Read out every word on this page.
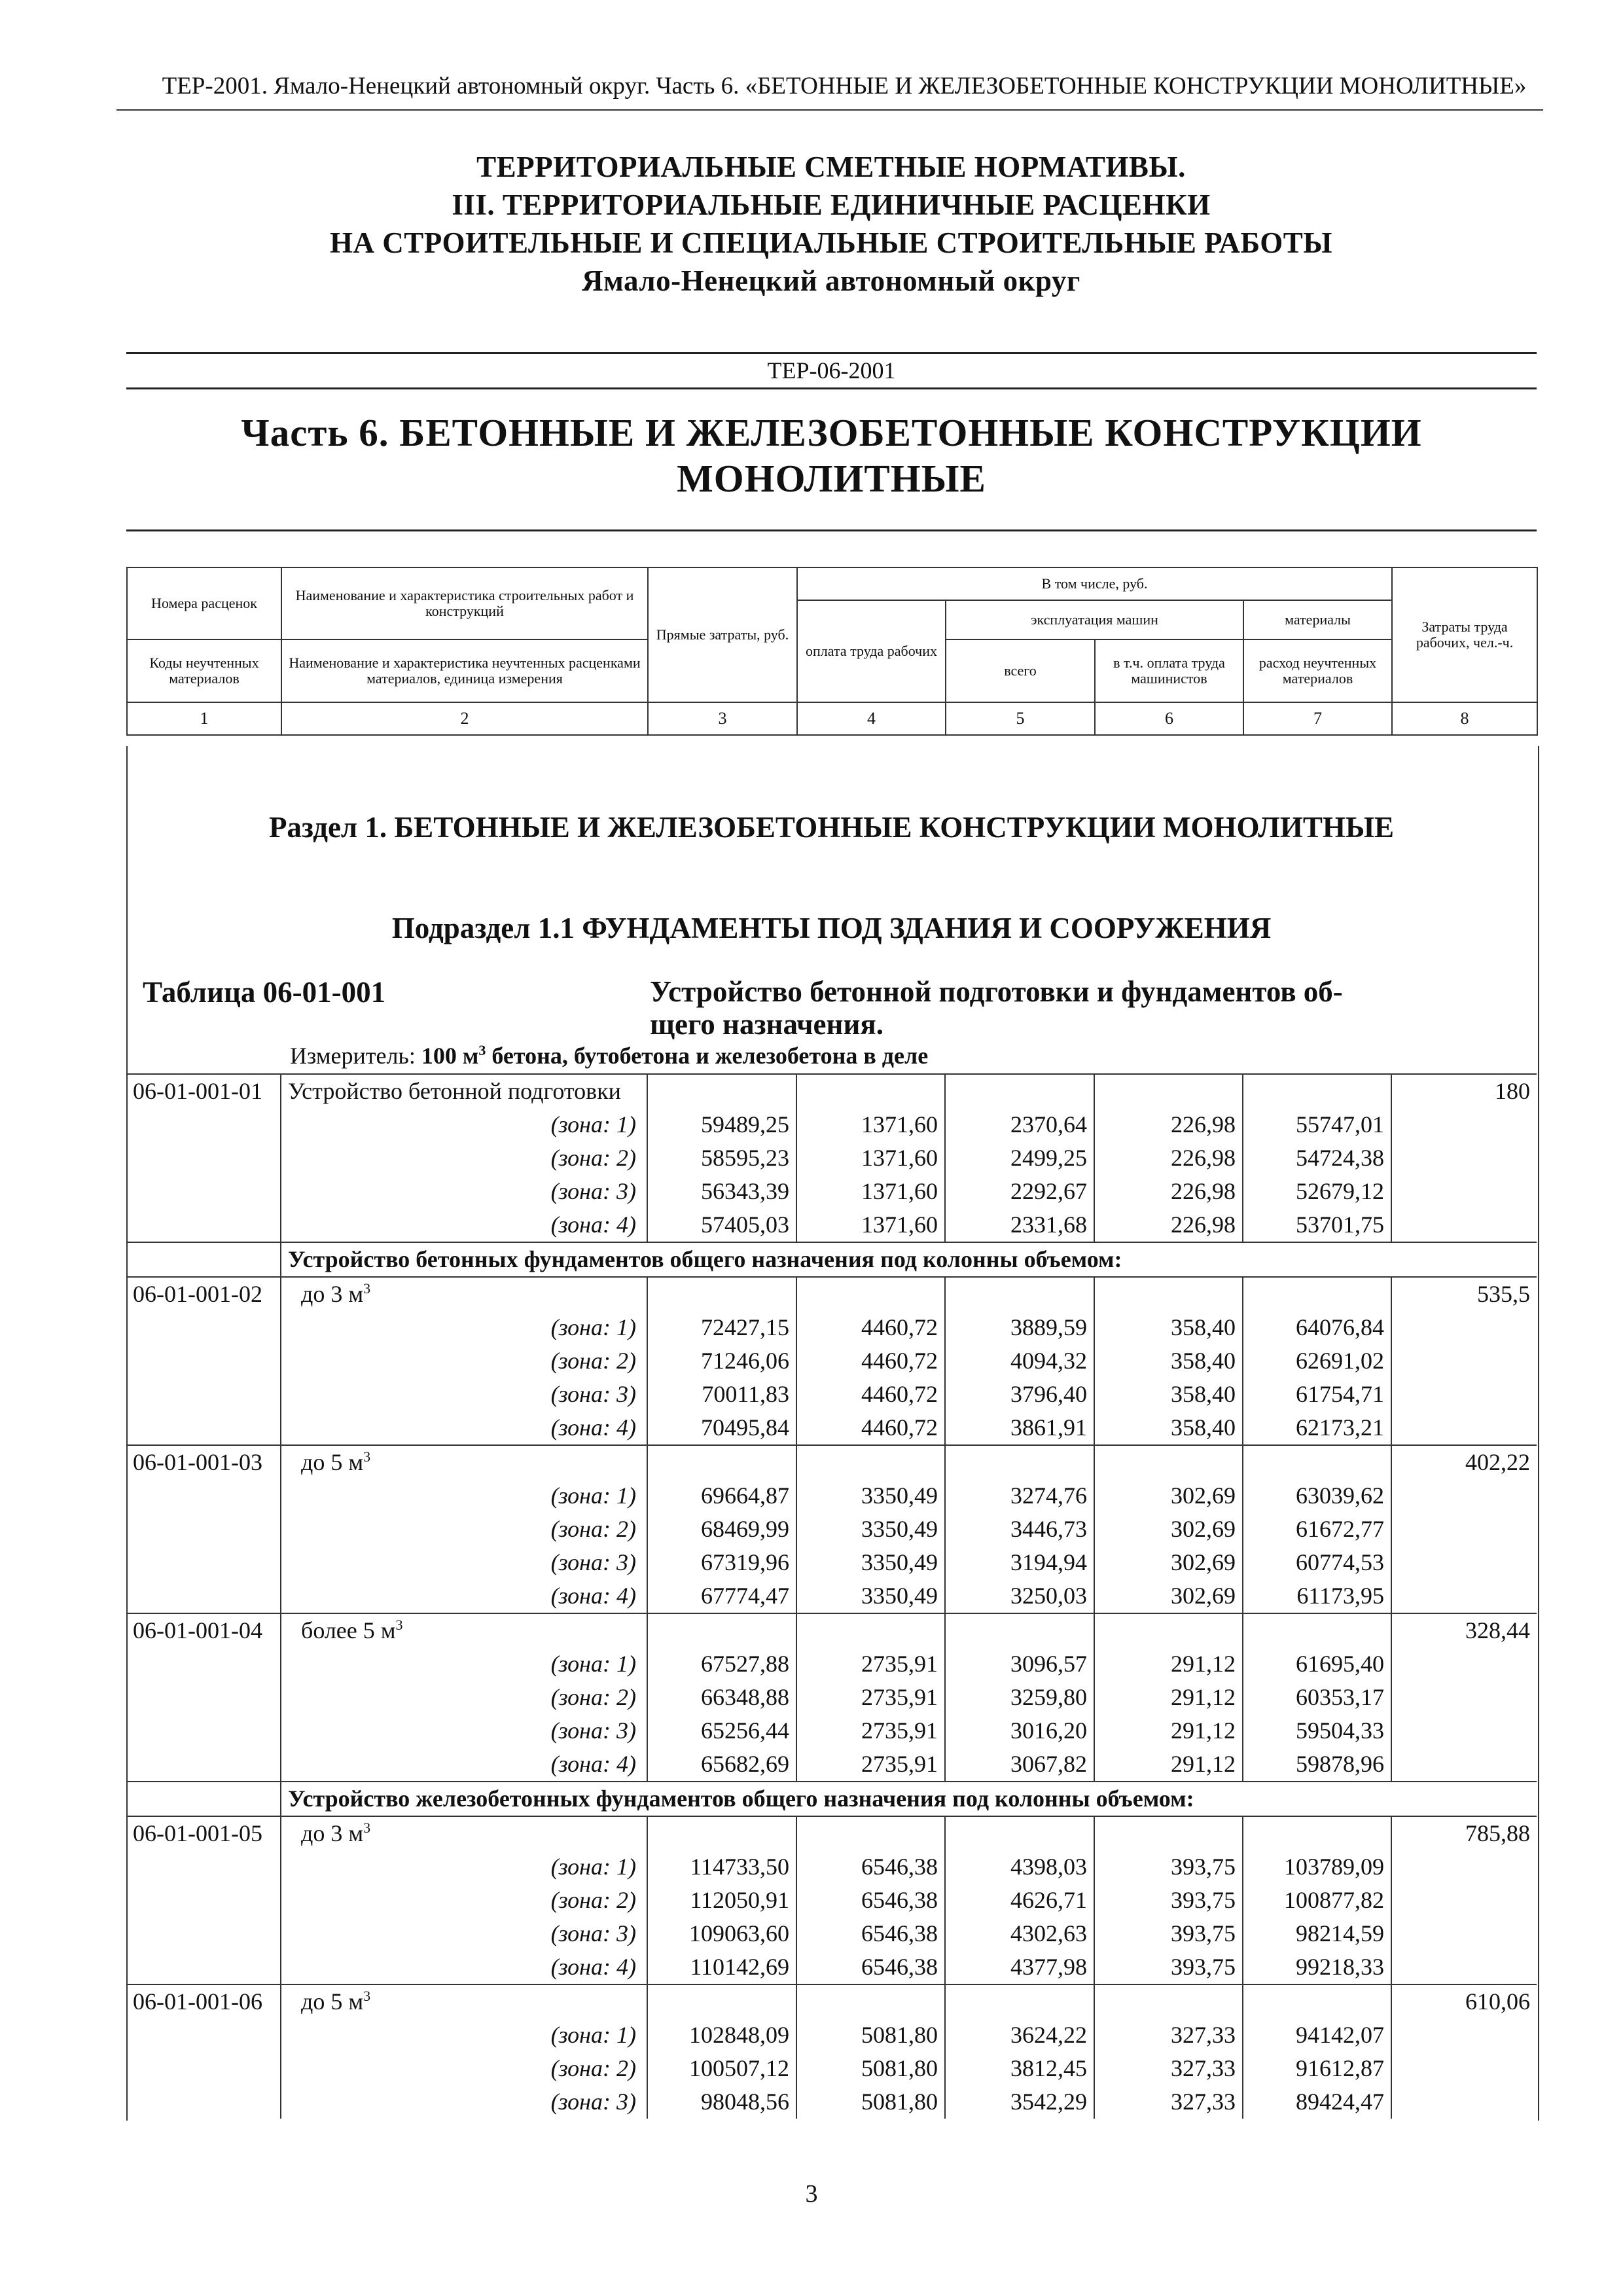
ТЕР-2001. Ямало-Ненецкий автономный округ. Часть 6. «БЕТОННЫЕ И ЖЕЛЕЗОБЕТОННЫЕ КОНСТРУКЦИИ МОНОЛИТНЫЕ»
ТЕРРИТОРИАЛЬНЫЕ СМЕТНЫЕ НОРМАТИВЫ.
III. ТЕРРИТОРИАЛЬНЫЕ ЕДИНИЧНЫЕ РАСЦЕНКИ
НА СТРОИТЕЛЬНЫЕ И СПЕЦИАЛЬНЫЕ СТРОИТЕЛЬНЫЕ РАБОТЫ
Ямало-Ненецкий автономный округ
ТЕР-06-2001
Часть 6. БЕТОННЫЕ И ЖЕЛЕЗОБЕТОННЫЕ КОНСТРУКЦИИ
МОНОЛИТНЫЕ
Номера расценок	Наименование и характеристика строительных работ и конструкций	Прямые затраты, руб.	В том числе, руб.				Затраты труда рабочих, чел.-ч.
			оплата труда рабочих	эксплуатация машин		материалы	
Коды неучтенных материалов	Наименование и характеристика неучтенных расценками материалов, единица измерения			всего	в т.ч. оплата труда машинистов	расход неучтенных материалов	
1	2	3	4	5	6	7	8
Раздел 1. БЕТОННЫЕ И ЖЕЛЕЗОБЕТОННЫЕ КОНСТРУКЦИИ МОНОЛИТНЫЕ
Подраздел 1.1 ФУНДАМЕНТЫ ПОД ЗДАНИЯ И СООРУЖЕНИЯ
Таблица 06-01-001	Устройство бетонной подготовки и фундаментов об-
щего назначения.
Измеритель: 100 $м^3$ бетона, бутобетона и железобетона в деле
06-01-001-01	Устройство бетонной подготовки						180
	(зона: 1)	59489,25	1371,60	2370,64	226,98	55747,01	
	(зона: 2)	58595,23	1371,60	2499,25	226,98	54724,38	
	(зона: 3)	56343,39	1371,60	2292,67	226,98	52679,12	
	(зона: 4)	57405,03	1371,60	2331,68	226,98	53701,75	
	Устройство бетонных фундаментов общего назначения под колонны объемом:						
06-01-001-02	до 3 $м^3$						535,5
	(зона: 1)	72427,15	4460,72	3889,59	358,40	64076,84	
	(зона: 2)	71246,06	4460,72	4094,32	358,40	62691,02	
	(зона: 3)	70011,83	4460,72	3796,40	358,40	61754,71	
	(зона: 4)	70495,84	4460,72	3861,91	358,40	62173,21	
06-01-001-03	до 5 $м^3$						402,22
	(зона: 1)	69664,87	3350,49	3274,76	302,69	63039,62	
	(зона: 2)	68469,99	3350,49	3446,73	302,69	61672,77	
	(зона: 3)	67319,96	3350,49	3194,94	302,69	60774,53	
	(зона: 4)	67774,47	3350,49	3250,03	302,69	61173,95	
06-01-001-04	более 5 $м^3$						328,44
	(зона: 1)	67527,88	2735,91	3096,57	291,12	61695,40	
	(зона: 2)	66348,88	2735,91	3259,80	291,12	60353,17	
	(зона: 3)	65256,44	2735,91	3016,20	291,12	59504,33	
	(зона: 4)	65682,69	2735,91	3067,82	291,12	59878,96	
	Устройство железобетонных фундаментов общего назначения под колонны объемом:						
06-01-001-05	до 3 $м^3$						785,88
	(зона: 1)	114733,50	6546,38	4398,03	393,75	103789,09	
	(зона: 2)	112050,91	6546,38	4626,71	393,75	100877,82	
	(зона: 3)	109063,60	6546,38	4302,63	393,75	98214,59	
	(зона: 4)	110142,69	6546,38	4377,98	393,75	99218,33	
06-01-001-06	до 5 $м^3$						610,06
	(зона: 1)	102848,09	5081,80	3624,22	327,33	94142,07	
	(зона: 2)	100507,12	5081,80	3812,45	327,33	91612,87	
	(зона: 3)	98048,56	5081,80	3542,29	327,33	89424,47	
3
